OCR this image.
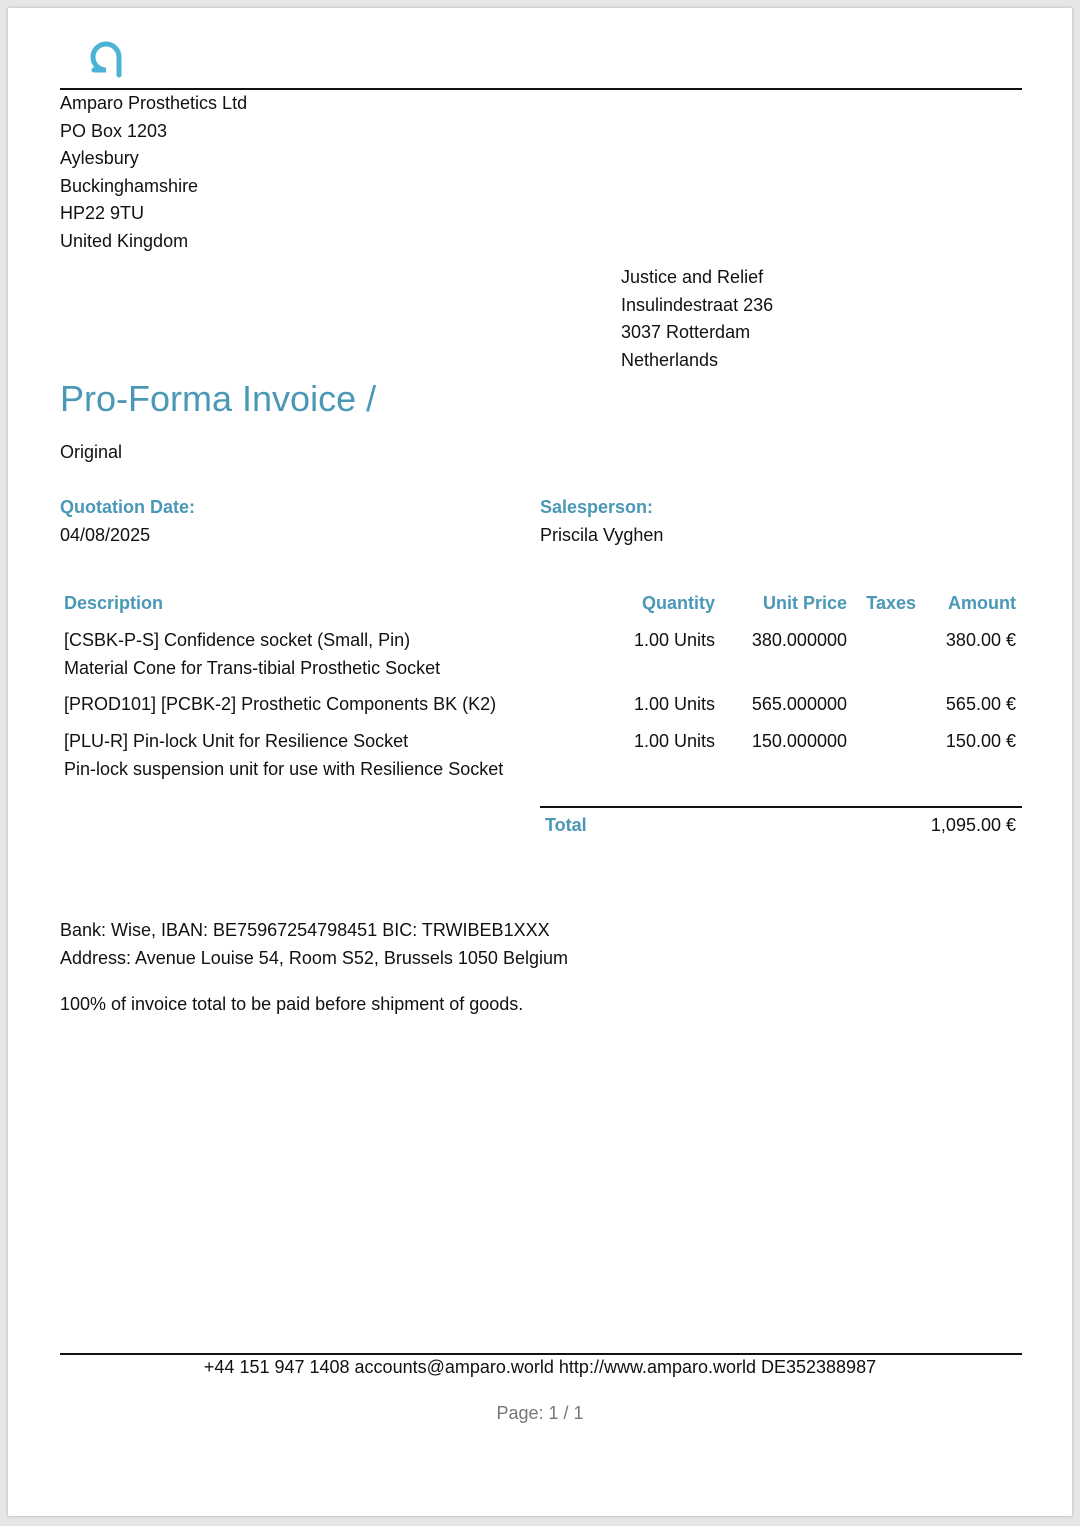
Amparo Prosthetics Ltd
PO Box 1203
Aylesbury
Buckinghamshire
HP22 9TU
United Kingdom
Justice and Relief
Insulindestraat 236
3037 Rotterdam
Netherlands
Pro-Forma Invoice /
Original
Quotation Date:
04/08/2025
Salesperson:
Priscila Vyghen
Description	Quantity	Unit Price	Taxes	Amount
[CSBK-P-S] Confidence socket (Small, Pin)
Material Cone for Trans-tibial Prosthetic Socket
1.00 Units	380.000000	380.00 €
[PROD101] [PCBK-2] Prosthetic Components BK (K2)	1.00 Units	565.000000	565.00 €
[PLU-R] Pin-lock Unit for Resilience Socket
Pin-lock suspension unit for use with Resilience Socket
1.00 Units	150.000000	150.00 €
Total	1,095.00 €
Bank: Wise, IBAN: BE75967254798451 BIC: TRWIBEB1XXX
Address: Avenue Louise 54, Room S52, Brussels 1050 Belgium
100% of invoice total to be paid before shipment of goods.
+44 151 947 1408 accounts@amparo.world http://www.amparo.world DE352388987
Page: 1 / 1
